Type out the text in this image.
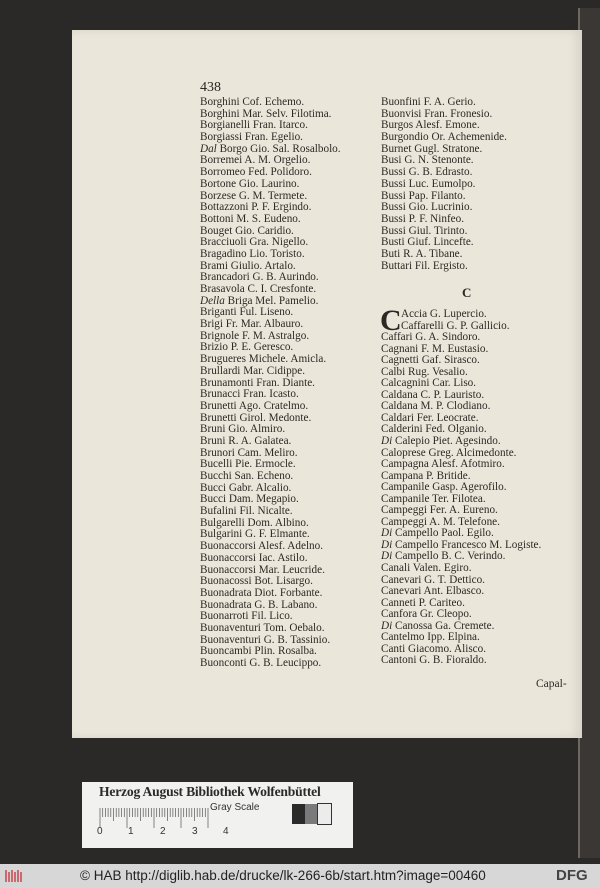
438
Borghini Cof. Echemo.
Borghini Mar. Selv. Filotima.
Borgianelli Fran. Itarco.
Borgiassi Fran. Egelio.
Dal Borgo Gio. Sal. Rosalbolo.
Borremei A. M. Orgelio.
Borromeo Fed. Polidoro.
Bortone Gio. Laurino.
Borzese G. M. Termete.
Bottazzoni P. F. Ergindo.
Bottoni M. S. Eudeno.
Bouget Gio. Caridio.
Bracciuoli Gra. Nigello.
Bragadino Lio. Toristo.
Brami Giulio. Artalo.
Brancadori G. B. Aurindo.
Brasavola C. I. Cresfonte.
Della Briga Mel. Pamelio.
Briganti Ful. Liseno.
Brigi Fr. Mar. Albauro.
Brignole F. M. Astralgo.
Brizio P. E. Geresco.
Brugueres Michele. Amicla.
Brullardi Mar. Cidippe.
Brunamonti Fran. Diante.
Brunacci Fran. Icasto.
Brunetti Ago. Cratelmo.
Brunetti Girol. Medonte.
Bruni Gio. Almiro.
Bruni R. A. Galatea.
Brunori Cam. Meliro.
Bucelli Pie. Ermocle.
Bucchi San. Echeno.
Bucci Gabr. Alcalio.
Bucci Dam. Megapio.
Bufalini Fil. Nicalte.
Bulgarelli Dom. Albino.
Bulgarini G. F. Elmante.
Buonaccorsi Alesf. Adelno.
Buonaccorsi Iac. Astilo.
Buonaccorsi Mar. Leucride.
Buonacossi Bot. Lisargo.
Buonadrata Diot. Forbante.
Buonadrata G. B. Labano.
Buonarroti Fil. Lico.
Buonaventuri Tom. Oebalo.
Buonaventuri G. B. Tassinio.
Buoncambi Plin. Rosalba.
Buonconti G. B. Leucippo.
Buonfini F. A. Gerio.
Buonvisi Fran. Fronesio.
Burgos Alesf. Emone.
Burgondio Or. Achemenide.
Burnet Gugl. Stratone.
Busi G. N. Stenonte.
Bussi G. B. Edrasto.
Bussi Luc. Eumolpo.
Bussi Pap. Filanto.
Bussi Gio. Lucrinio.
Bussi P. F. Ninfeo.
Bussi Giul. Tirinto.
Busti Giuf. Lincefte.
Buti R. A. Tibane.
Buttari Fil. Ergisto.
C
C Accia G. Lupercio.
Caffarelli G. P. Gallicio.
Caffari G. A. Sindoro.
Cagnani F. M. Eustasio.
Cagnetti Gaf. Sirasco.
Calbi Rug. Vesalio.
Calcagnini Car. Liso.
Caldana C. P. Lauristo.
Caldana M. P. Clodiano.
Caldari Fer. Leocrate.
Calderini Fed. Olganio.
Di Calepio Piet. Agesindo.
Caloprese Greg. Alcimedonte.
Campagna Alesf. Afotmiro.
Campana P. Britide.
Campanile Gasp. Agerofilo.
Campanile Ter. Filotea.
Campeggi Fer. A. Eureno.
Campeggi A. M. Telefone.
Di Campello Paol. Egilo.
Di Campello Francesco M. Logiste.
Di Campello B. C. Verindo.
Canali Valen. Egiro.
Canevari G. T. Dettico.
Canevari Ant. Elbasco.
Canneti P. Cariteo.
Canfora Gr. Cleopo.
Di Canossa Ga. Cremete.
Cantelmo Ipp. Elpina.
Canti Giacomo. Alisco.
Cantoni G. B. Fioraldo.
Capal-
Herzog August Bibliothek Wolfenbüttel
0	1	2	3	4
Gray Scale
© HAB http://diglib.hab.de/drucke/lk-266-6b/start.htm?image=00460	DFG
